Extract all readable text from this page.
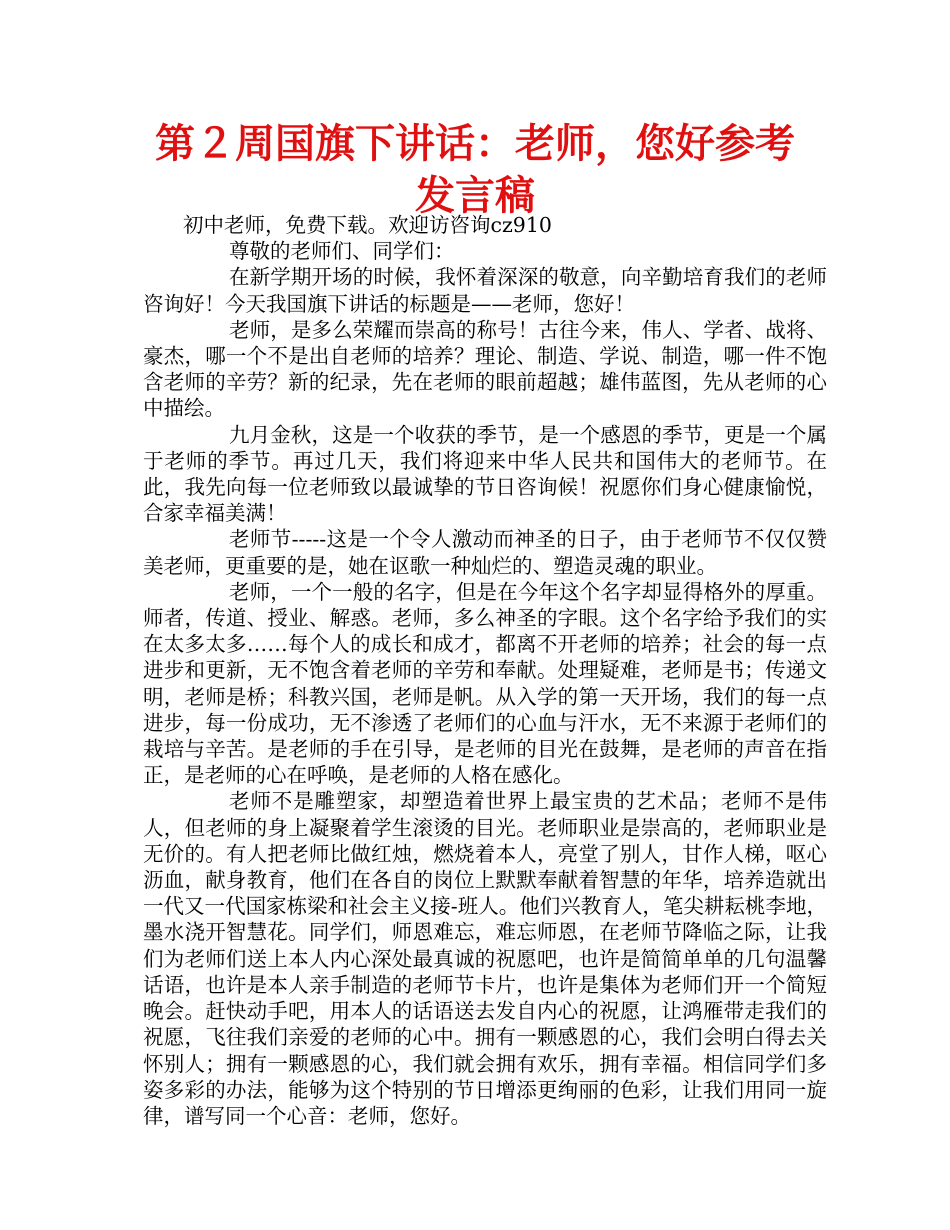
第２周国旗下讲话：老师，您好参考发言稿

初中老师，免费下载。欢迎访咨询cz910

尊敬的老师们、同学们：

在新学期开场的时候，我怀着深深的敬意，向辛勤培育我们的老师咨询好！今天我国旗下讲话的标题是——老师，您好！

老师，是多么荣耀而崇高的称号！古往今来，伟人、学者、战将、豪杰，哪一个不是出自老师的培养？理论、制造、学说、制造，哪一件不饱含老师的辛劳？新的纪录，先在老师的眼前超越；雄伟蓝图，先从老师的心中描绘。

九月金秋，这是一个收获的季节，是一个感恩的季节，更是一个属于老师的季节。再过几天，我们将迎来中华人民共和国伟大的老师节。在此，我先向每一位老师致以最诚挚的节日咨询候！祝愿你们身心健康愉悦，合家幸福美满！

老师节-----这是一个令人激动而神圣的日子，由于老师节不仅仅赞美老师，更重要的是，她在讴歌一种灿烂的、塑造灵魂的职业。

老师，一个一般的名字，但是在今年这个名字却显得格外的厚重。师者，传道、授业、解惑。老师，多么神圣的字眼。这个名字给予我们的实在太多太多……每个人的成长和成才，都离不开老师的培养；社会的每一点进步和更新，无不饱含着老师的辛劳和奉献。处理疑难，老师是书；传递文明，老师是桥；科教兴国，老师是帆。从入学的第一天开场，我们的每一点进步，每一份成功，无不渗透了老师们的心血与汗水，无不来源于老师们的栽培与辛苦。是老师的手在引导，是老师的目光在鼓舞，是老师的声音在指正，是老师的心在呼唤，是老师的人格在感化。

老师不是雕塑家，却塑造着世界上最宝贵的艺术品；老师不是伟人，但老师的身上凝聚着学生滚烫的目光。老师职业是崇高的，老师职业是无价的。有人把老师比做红烛，燃烧着本人，亮堂了别人，甘作人梯，呕心沥血，献身教育，他们在各自的岗位上默默奉献着智慧的年华，培养造就出一代又一代国家栋梁和社会主义接-班人。他们兴教育人，笔尖耕耘桃李地，墨水浇开智慧花。同学们，师恩难忘，难忘师恩，在老师节降临之际，让我们为老师们送上本人内心深处最真诚的祝愿吧，也许是简简单单的几句温馨话语，也许是本人亲手制造的老师节卡片，也许是集体为老师们开一个简短晚会。赶快动手吧，用本人的话语送去发自内心的祝愿，让鸿雁带走我们的祝愿，飞往我们亲爱的老师的心中。拥有一颗感恩的心，我们会明白得去关怀别人；拥有一颗感恩的心，我们就会拥有欢乐，拥有幸福。相信同学们多姿多彩的办法，能够为这个特别的节日增添更绚丽的色彩，让我们用同一旋律，谱写同一个心音：老师，您好。
